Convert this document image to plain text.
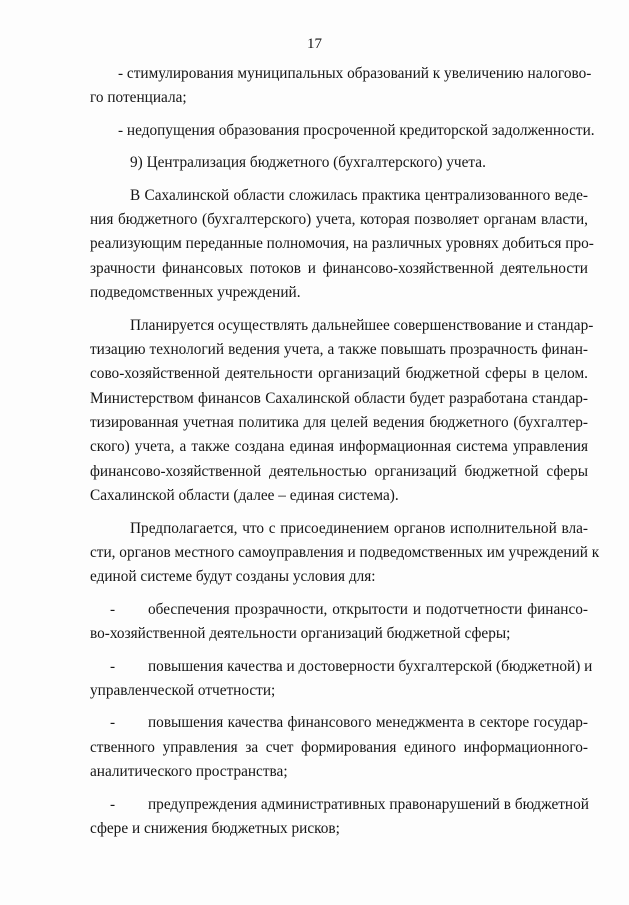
17
- стимулирования муниципальных образований к увеличению налогово-
го потенциала;
- недопущения образования просроченной кредиторской задолженности.
9) Централизация бюджетного (бухгалтерского) учета.
В Сахалинской области сложилась практика централизованного веде-
ния бюджетного (бухгалтерского) учета, которая позволяет органам власти,
реализующим переданные полномочия, на различных уровнях добиться про-
зрачности финансовых потоков и финансово-хозяйственной деятельности
подведомственных учреждений.
Планируется осуществлять дальнейшее совершенствование и стандар-
тизацию технологий ведения учета, а также повышать прозрачность финан-
сово-хозяйственной деятельности организаций бюджетной сферы в целом.
Министерством финансов Сахалинской области будет разработана стандар-
тизированная учетная политика для целей ведения бюджетного (бухгалтер-
ского) учета, а также создана единая информационная система управления
финансово-хозяйственной деятельностью организаций бюджетной сферы
Сахалинской области (далее – единая система).
Предполагается, что с присоединением органов исполнительной вла-
сти, органов местного самоуправления и подведомственных им учреждений к
единой системе будут созданы условия для:
- обеспечения прозрачности, открытости и подотчетности финансо-
во-хозяйственной деятельности организаций бюджетной сферы;
- повышения качества и достоверности бухгалтерской (бюджетной) и
управленческой отчетности;
- повышения качества финансового менеджмента в секторе государ-
ственного управления за счет формирования единого информационного-
аналитического пространства;
- предупреждения административных правонарушений в бюджетной
сфере и снижения бюджетных рисков;
